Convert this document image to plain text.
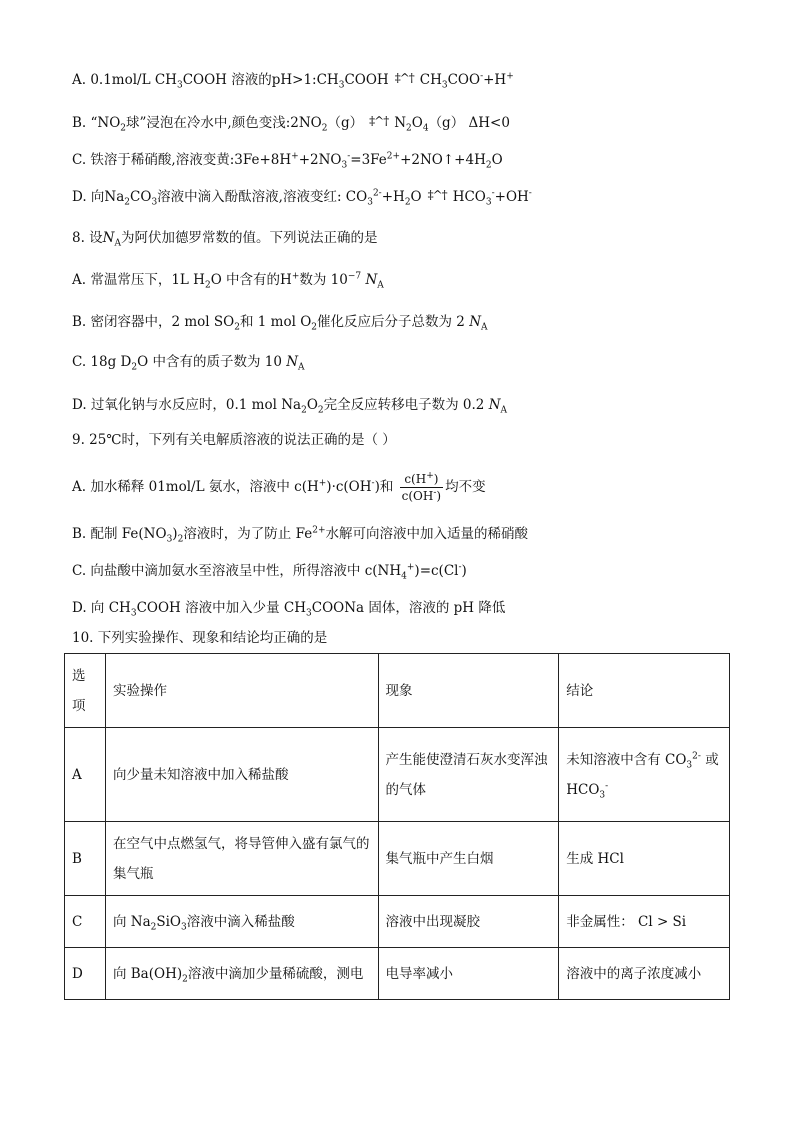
A. 0.1mol/L $CH_3COOH$ 溶液的$pH>1:CH_3COOH$ ‡^† $CH_3COO^-+H^+$
B. “$NO_2$球”浸泡在冷水中,颜色变浅$:2NO_2(g)$ ‡^† $N_2O_4(g)$ ΔH<0
C. 铁溶于稀硝酸,溶液变黄$:3Fe+8H^++2NO_3^-=3Fe^{2+}+2NO↑+4H_2O$
D. 向$Na_2CO_3$溶液中滴入酚酞溶液,溶液变红: $CO_3^{2-}+H_2O$ ‡^† $HCO_3^-+OH^-$
8. 设$N_A$为阿伏加德罗常数的值。下列说法正确的是
A. 常温常压下，1L $H_2O$ 中含有的H+数为 $10^{-7}$ $N_A$
B. 密闭容器中，2 mol $SO_2$和 1 mol $O_2$催化反应后分子总数为 2 $N_A$
C. 18g $D_2O$ 中含有的质子数为 10 $N_A$
D. 过氧化钠与水反应时，0.1 mol $Na_2O_2$完全反应转移电子数为 0.2 $N_A$
9. 25℃时，下列有关电解质溶液的说法正确的是（ ）
A. 加水稀释 01mol/L 氨水，溶液中 c(H+)·c(OH-)和 $\frac{c(H^+)}{c(OH^-)}$ 均不变
B. 配制 $Fe(NO_3)_2$溶液时，为了防止 $Fe^{2+}$水解可向溶液中加入适量的稀硝酸
C. 向盐酸中滴加氨水至溶液呈中性，所得溶液中 $c(NH_4^+)=c(Cl^-)$
D. 向 $CH_3COOH$ 溶液中加入少量 $CH_3COONa$ 固体，溶液的 pH 降低
10. 下列实验操作、现象和结论均正确的是
选项	实验操作	现象	结论
A	向少量未知溶液中加入稀盐酸	产生能使澄清石灰水变浑浊的气体	未知溶液中含有 $CO_3^{2-}$ 或
$HCO_3^-$
B	在空气中点燃氢气，将导管伸入盛有氯气的集气瓶	集气瓶中产生白烟	生成 HCl
C	向 $Na_2SiO_3$溶液中滴入稀盐酸	溶液中出现凝胶	非金属性： Cl > Si
D	向 $Ba(OH)_2$溶液中滴加少量稀硫酸，测电	电导率减小	溶液中的离子浓度减小
